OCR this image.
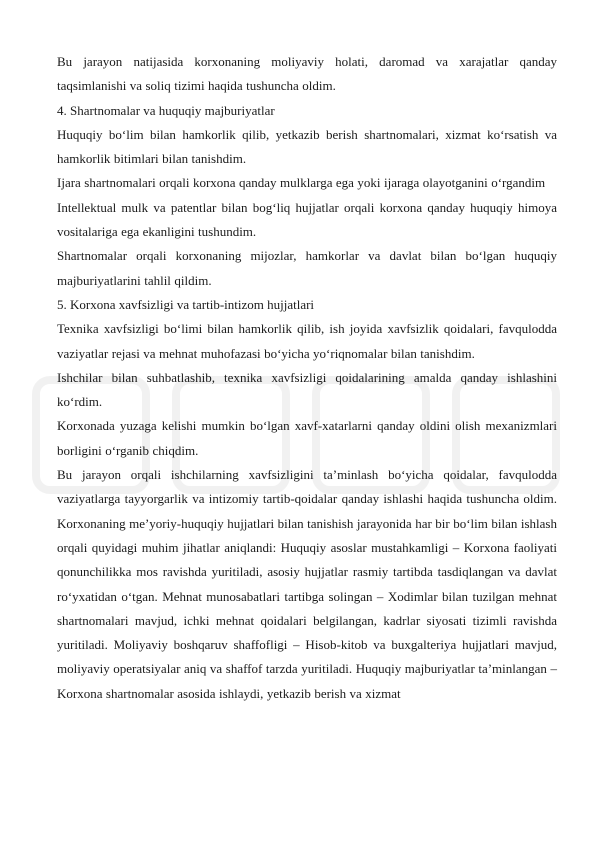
Bu jarayon natijasida korxonaning moliyaviy holati, daromad va xarajatlar qanday taqsimlanishi va soliq tizimi haqida tushuncha oldim.

4. Shartnomalar va huquqiy majburiyatlar

Huquqiy bo‘lim bilan hamkorlik qilib, yetkazib berish shartnomalari, xizmat ko‘rsatish va hamkorlik bitimlari bilan tanishdim.

Ijara shartnomalari orqali korxona qanday mulklarga ega yoki ijaraga olayotganini o‘rgandim

Intellektual mulk va patentlar bilan bog‘liq hujjatlar orqali korxona qanday huquqiy himoya vositalariga ega ekanligini tushundim.

Shartnomalar orqali korxonaning mijozlar, hamkorlar va davlat bilan bo‘lgan huquqiy majburiyatlarini tahlil qildim.

5. Korxona xavfsizligi va tartib-intizom hujjatlari

Texnika xavfsizligi bo‘limi bilan hamkorlik qilib, ish joyida xavfsizlik qoidalari, favqulodda vaziyatlar rejasi va mehnat muhofazasi bo‘yicha yo‘riqnomalar bilan tanishdim.

Ishchilar bilan suhbatlashib, texnika xavfsizligi qoidalarining amalda qanday ishlashini ko‘rdim.

Korxonada yuzaga kelishi mumkin bo‘lgan xavf-xatarlarni qanday oldini olish mexanizmlari borligini o‘rganib chiqdim.

Bu jarayon orqali ishchilarning xavfsizligini ta’minlash bo‘yicha qoidalar, favqulodda vaziyatlarga tayyorgarlik va intizomiy tartib-qoidalar qanday ishlashi haqida tushuncha oldim. Korxonaning me’yoriy-huquqiy hujjatlari bilan tanishish jarayonida har bir bo‘lim bilan ishlash orqali quyidagi muhim jihatlar aniqlandi: Huquqiy asoslar mustahkamligi – Korxona faoliyati qonunchilikka mos ravishda yuritiladi, asosiy hujjatlar rasmiy tartibda tasdiqlangan va davlat ro‘yxatidan o‘tgan. Mehnat munosabatlari tartibga solingan – Xodimlar bilan tuzilgan mehnat shartnomalari mavjud, ichki mehnat qoidalari belgilangan, kadrlar siyosati tizimli ravishda yuritiladi. Moliyaviy boshqaruv shaffofligi – Hisob-kitob va buxgalteriya hujjatlari mavjud, moliyaviy operatsiyalar aniq va shaffof tarzda yuritiladi. Huquqiy majburiyatlar ta’minlangan – Korxona shartnomalar asosida ishlaydi, yetkazib berish va xizmat
